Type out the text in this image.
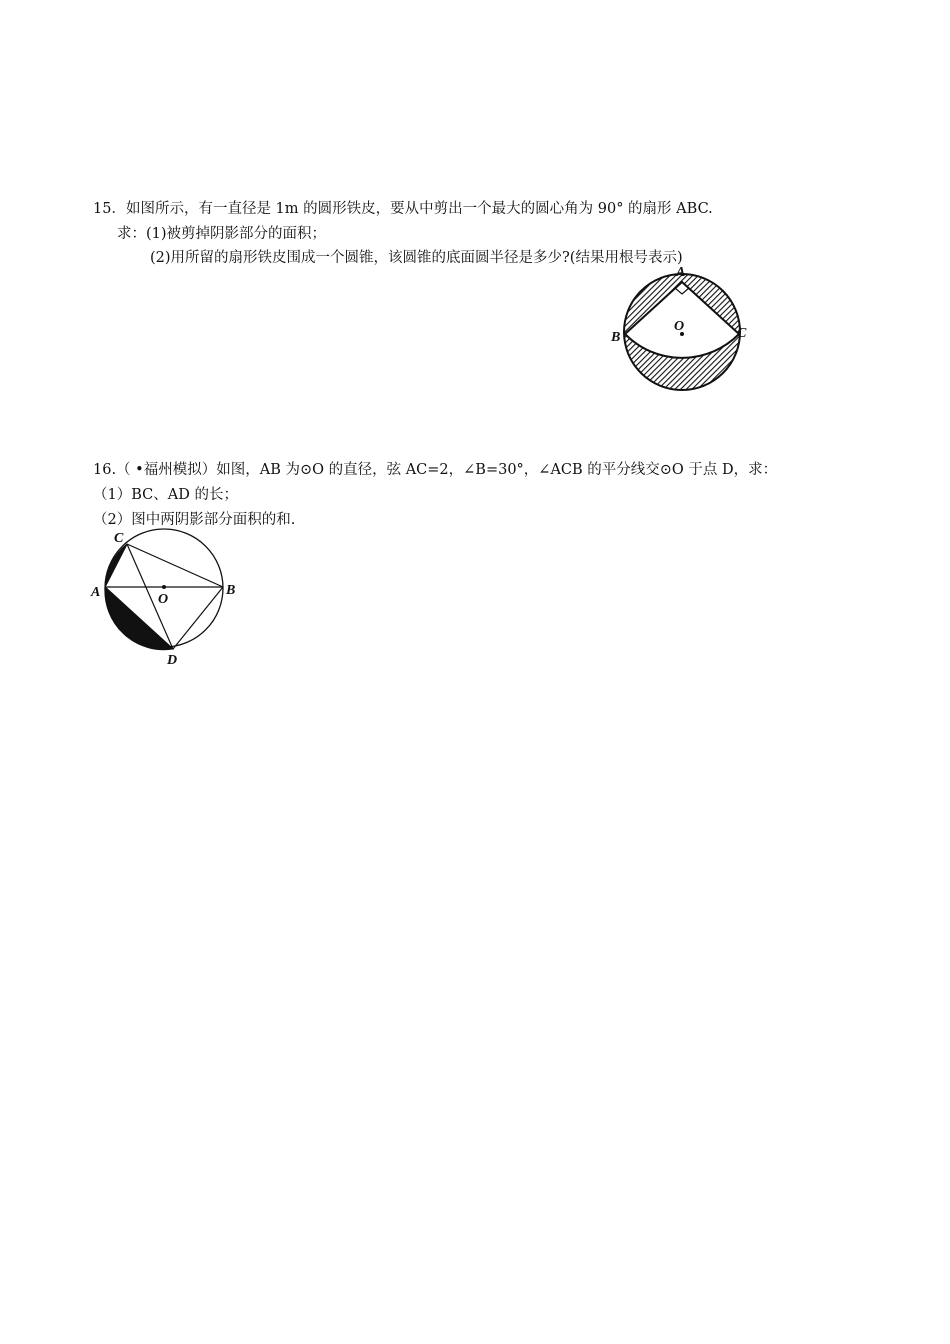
15．如图所示，有一直径是 1m 的圆形铁皮，要从中剪出一个最大的圆心角为 90° 的扇形 ABC.
求：(1)被剪掉阴影部分的面积；
(2)用所留的扇形铁皮围成一个圆锥，该圆锥的底面圆半径是多少?(结果用根号表示)
A
B	C
O
16.（ •福州模拟）如图，AB 为⊙O 的直径，弦 AC=2，∠B=30°，∠ACB 的平分线交⊙O 于点 D，求：
（1）BC、AD 的长；
（2）图中两阴影部分面积的和.
C
A	O
B
D
